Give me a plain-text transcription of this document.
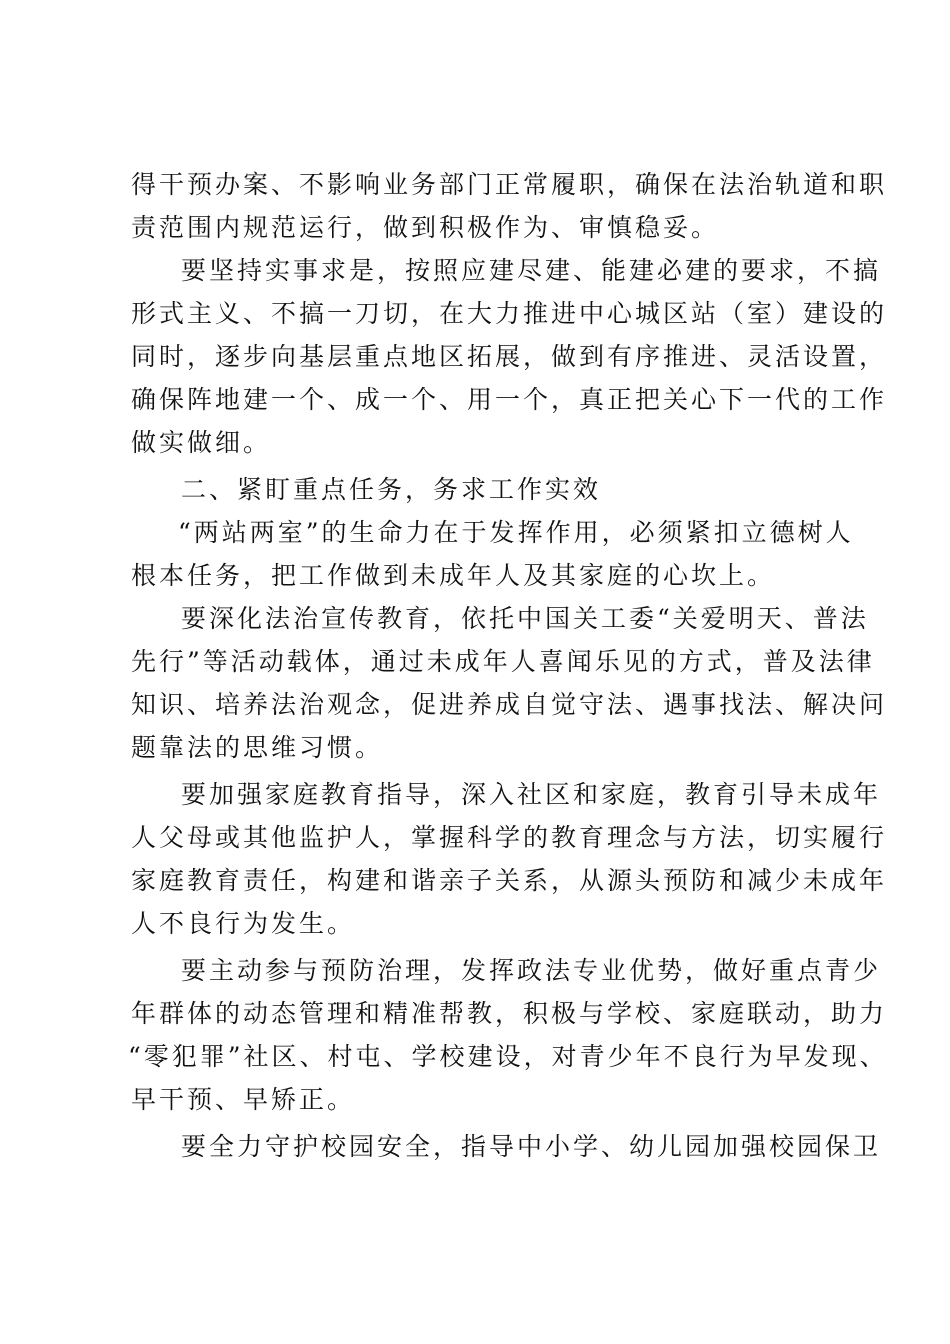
得干预办案、不影响业务部门正常履职，确保在法治轨道和职
责范围内规范运行，做到积极作为、审慎稳妥。
要坚持实事求是，按照应建尽建、能建必建的要求，不搞
形式主义、不搞一刀切，在大力推进中心城区站（室）建设的
同时，逐步向基层重点地区拓展，做到有序推进、灵活设置，
确保阵地建一个、成一个、用一个，真正把关心下一代的工作
做实做细。
二、紧盯重点任务，务求工作实效
“两站两室”的生命力在于发挥作用，必须紧扣立德树人
根本任务，把工作做到未成年人及其家庭的心坎上。
要深化法治宣传教育，依托中国关工委“关爱明天、普法
先行”等活动载体，通过未成年人喜闻乐见的方式，普及法律
知识、培养法治观念，促进养成自觉守法、遇事找法、解决问
题靠法的思维习惯。
要加强家庭教育指导，深入社区和家庭，教育引导未成年
人父母或其他监护人，掌握科学的教育理念与方法，切实履行
家庭教育责任，构建和谐亲子关系，从源头预防和减少未成年
人不良行为发生。
要主动参与预防治理，发挥政法专业优势，做好重点青少
年群体的动态管理和精准帮教，积极与学校、家庭联动，助力
“零犯罪”社区、村屯、学校建设，对青少年不良行为早发现、
早干预、早矫正。
要全力守护校园安全，指导中小学、幼儿园加强校园保卫
